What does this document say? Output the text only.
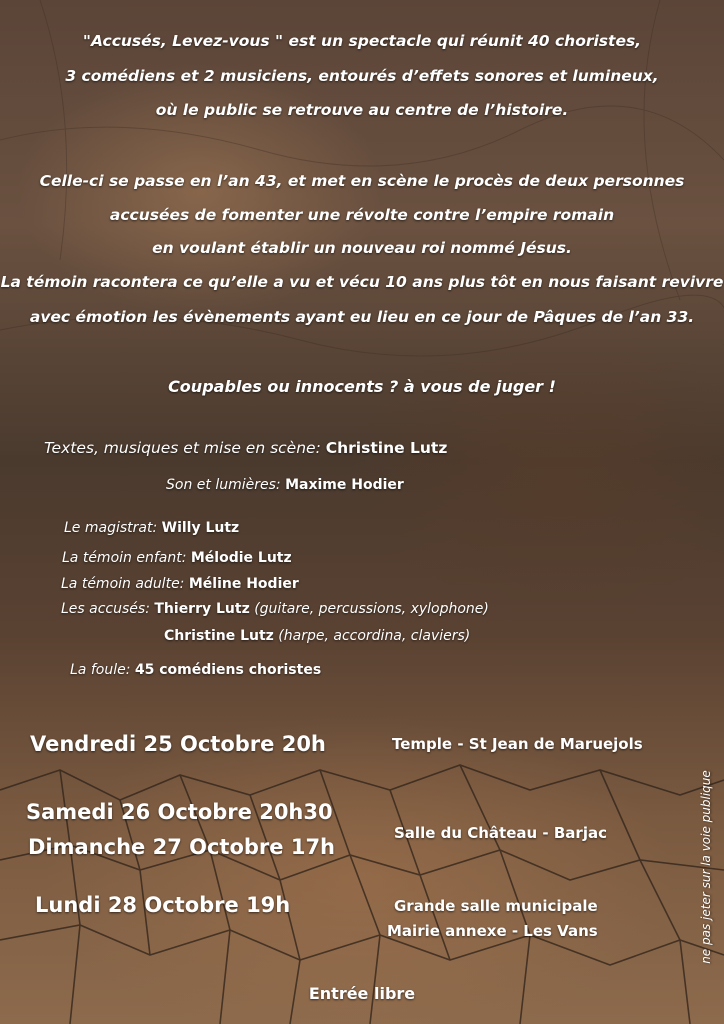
"Accusés, Levez-vous " est un spectacle qui réunit 40 choristes,
3 comédiens et 2 musiciens, entourés d’effets sonores et lumineux,
où le public se retrouve au centre de l’histoire.
Celle-ci se passe en l’an 43, et met en scène le procès de deux personnes
accusées de fomenter une révolte contre l’empire romain
en voulant établir un nouveau roi nommé Jésus.
La témoin racontera ce qu’elle a vu et vécu 10 ans plus tôt en nous faisant revivre
avec émotion les évènements ayant eu lieu en ce jour de Pâques de l’an 33.
Coupables ou innocents ? à vous de juger !
Textes, musiques et mise en scène: Christine Lutz
Son et lumières: Maxime Hodier
Le magistrat: Willy Lutz
La témoin enfant: Mélodie Lutz
La témoin adulte: Méline Hodier
Les accusés: Thierry Lutz (guitare, percussions, xylophone)
Christine Lutz (harpe, accordina, claviers)
La foule: 45 comédiens choristes
Vendredi 25 Octobre 20h	Temple - St Jean de Maruejols
Samedi 26 Octobre 20h30
Dimanche 27 Octobre 17h
Salle du Château - Barjac
Lundi 28 Octobre 19h	Grande salle municipale
Mairie annexe - Les Vans
Entrée libre
ne pas jeter sur la voie publique
